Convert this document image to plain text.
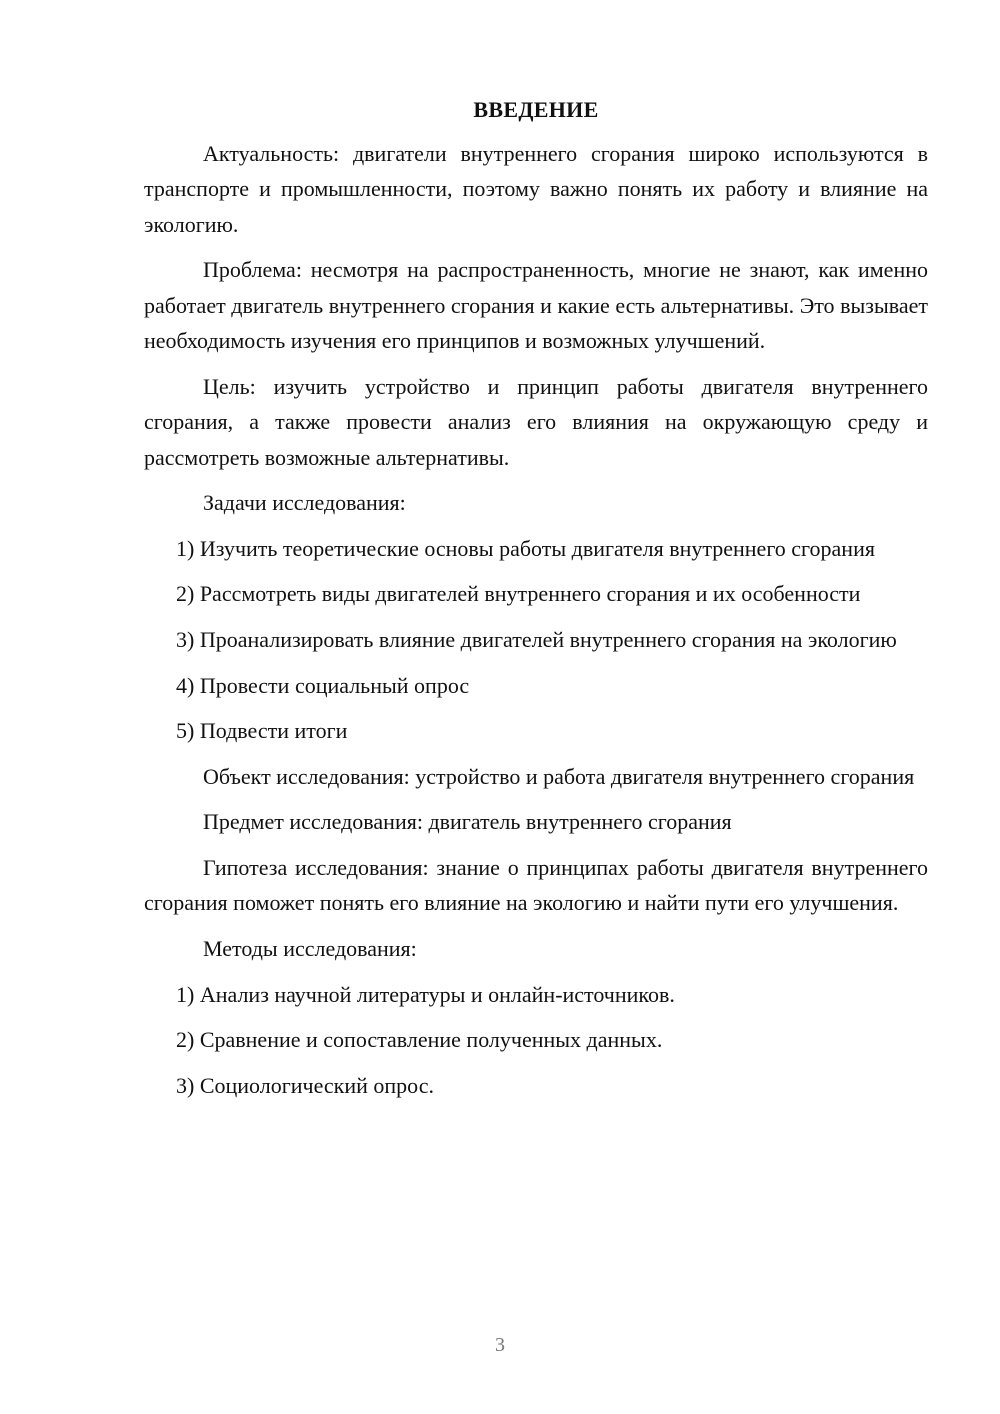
ВВЕДЕНИЕ

Актуальность: двигатели внутреннего сгорания широко используются в транспорте и промышленности, поэтому важно понять их работу и влияние на экологию.

Проблема: несмотря на распространенность, многие не знают, как именно работает двигатель внутреннего сгорания и какие есть альтернативы. Это вызывает необходимость изучения его принципов и возможных улучшений.

Цель: изучить устройство и принцип работы двигателя внутреннего сгорания, а также провести анализ его влияния на окружающую среду и рассмотреть возможные альтернативы.

Задачи исследования:

1) Изучить теоретические основы работы двигателя внутреннего сгорания

2) Рассмотреть виды двигателей внутреннего сгорания и их особенности

3) Проанализировать влияние двигателей внутреннего сгорания на экологию

4) Провести социальный опрос

5) Подвести итоги

Объект исследования: устройство и работа двигателя внутреннего сгорания

Предмет исследования: двигатель внутреннего сгорания

Гипотеза исследования: знание о принципах работы двигателя внутреннего сгорания поможет понять его влияние на экологию и найти пути его улучшения.

Методы исследования:

1) Анализ научной литературы и онлайн-источников.

2) Сравнение и сопоставление полученных данных.

3) Социологический опрос.

3
